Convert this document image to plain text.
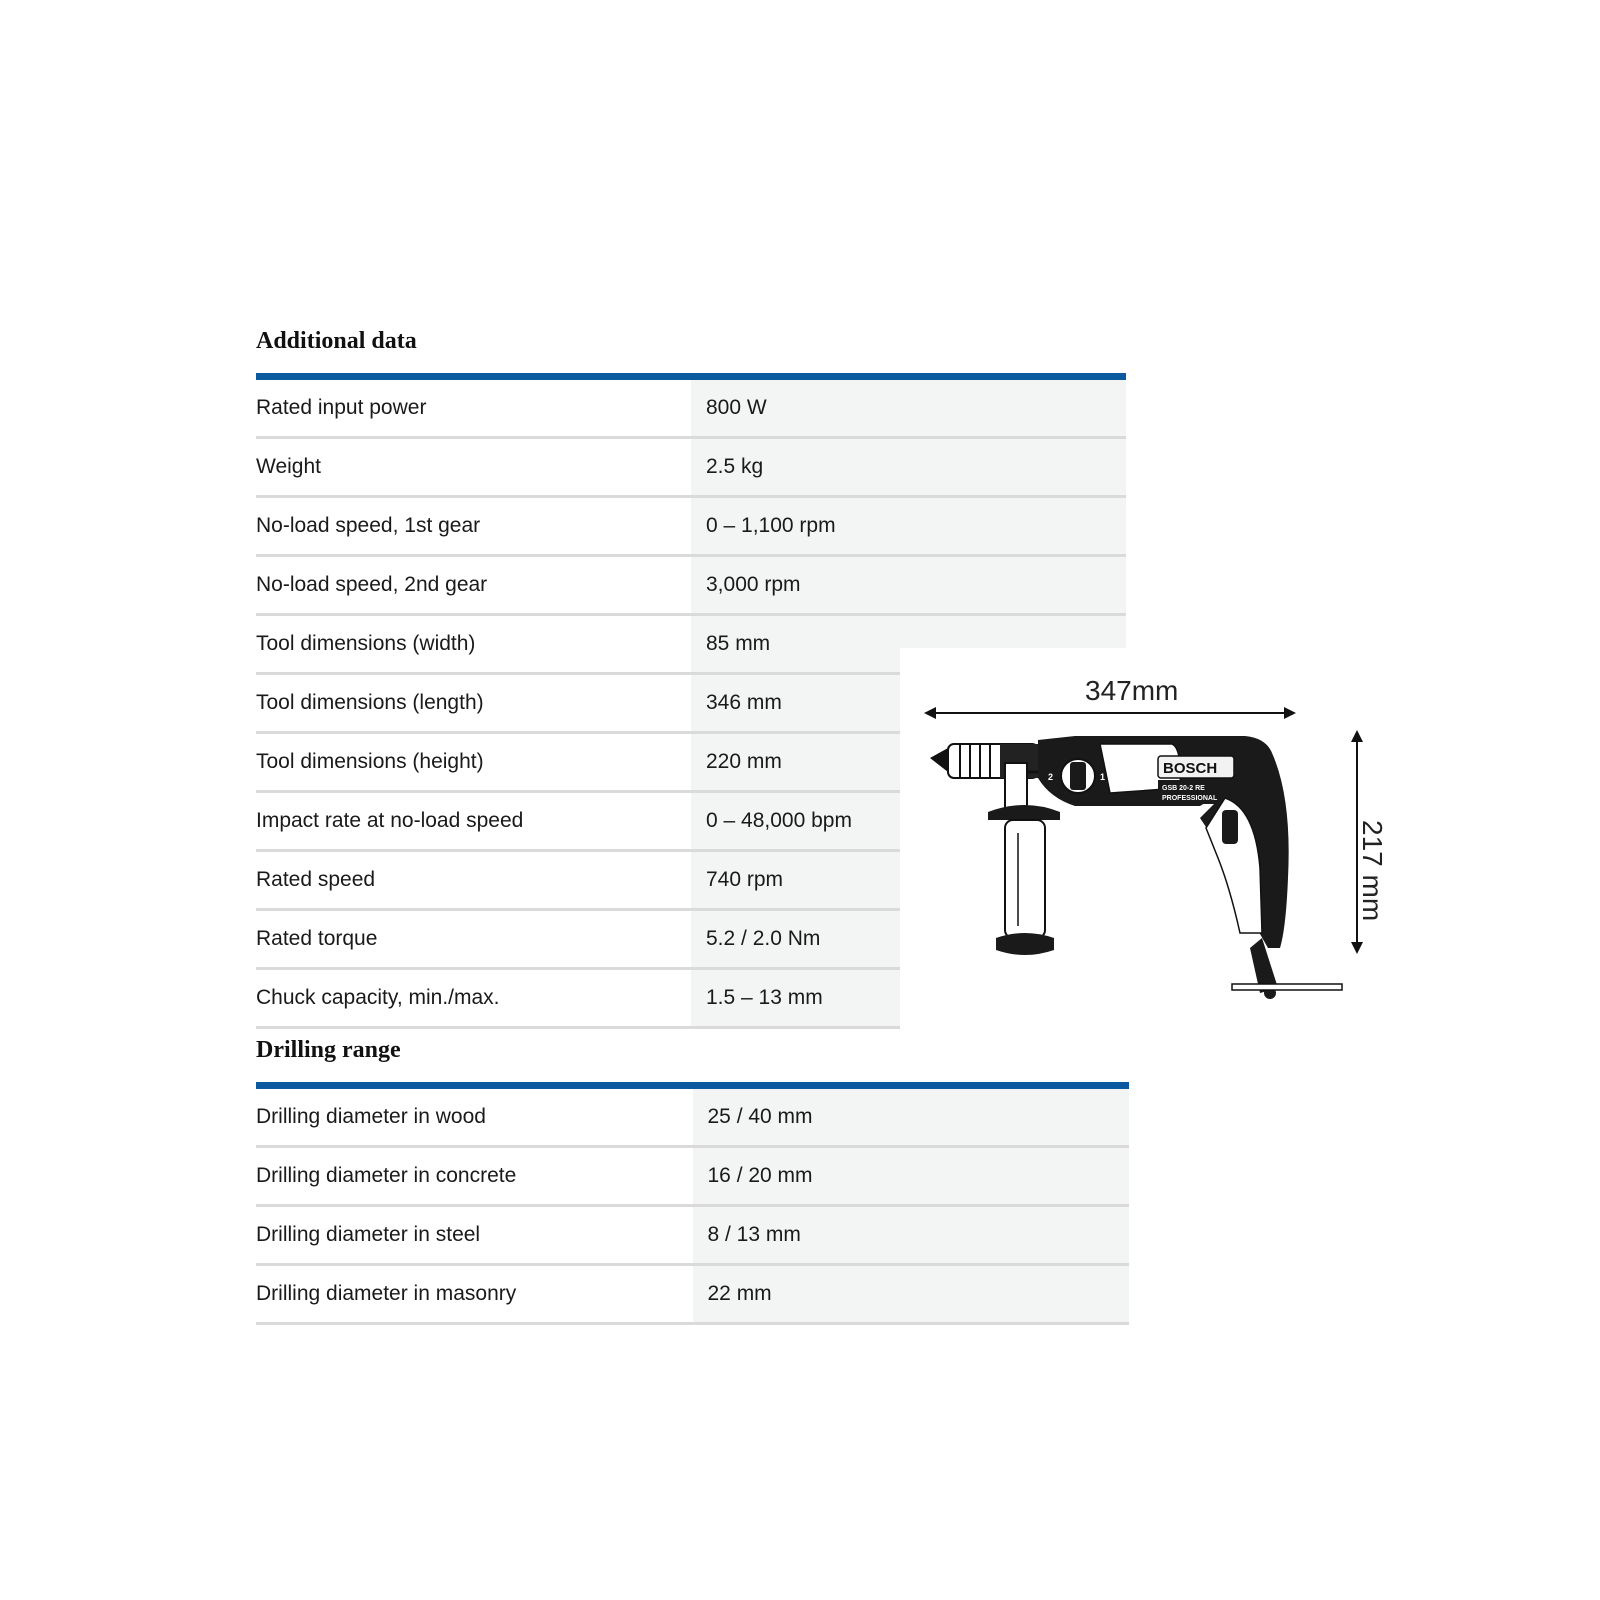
Additional data

Rated input power	800 W
Weight	2.5 kg
No-load speed, 1st gear	0 – 1,100 rpm
No-load speed, 2nd gear	3,000 rpm
Tool dimensions (width)	85 mm
Tool dimensions (length)	346 mm
Tool dimensions (height)	220 mm
Impact rate at no-load speed	0 – 48,000 bpm
Rated speed	740 rpm
Rated torque	5.2 / 2.0 Nm
Chuck capacity, min./max.	1.5 – 13 mm
Drilling range

Drilling diameter in wood	25 / 40 mm
Drilling diameter in concrete	16 / 20 mm
Drilling diameter in steel	8 / 13 mm
Drilling diameter in masonry	22 mm
347mm
217 mm
BOSCH
GSB 20-2 RE
PROFESSIONAL
2	1
